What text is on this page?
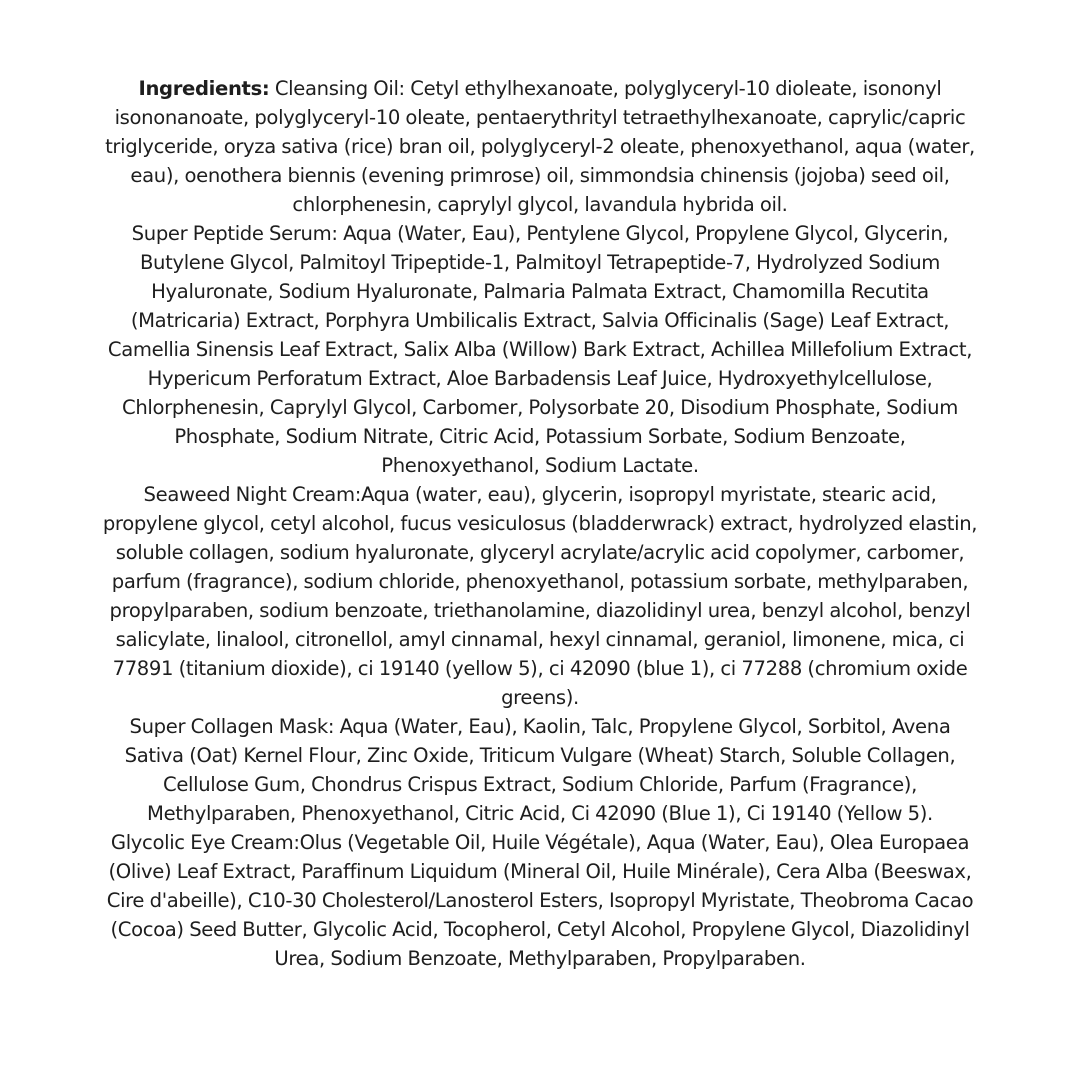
Ingredients: Cleansing Oil: Cetyl ethylhexanoate, polyglyceryl-10 dioleate, isononyl isononanoate, polyglyceryl-10 oleate, pentaerythrityl tetraethylhexanoate, caprylic/capric triglyceride, oryza sativa (rice) bran oil, polyglyceryl-2 oleate, phenoxyethanol, aqua (water, eau), oenothera biennis (evening primrose) oil, simmondsia chinensis (jojoba) seed oil, chlorphenesin, caprylyl glycol, lavandula hybrida oil.

Super Peptide Serum: Aqua (Water, Eau), Pentylene Glycol, Propylene Glycol, Glycerin, Butylene Glycol, Palmitoyl Tripeptide-1, Palmitoyl Tetrapeptide-7, Hydrolyzed Sodium Hyaluronate, Sodium Hyaluronate, Palmaria Palmata Extract, Chamomilla Recutita (Matricaria) Extract, Porphyra Umbilicalis Extract, Salvia Officinalis (Sage) Leaf Extract, Camellia Sinensis Leaf Extract, Salix Alba (Willow) Bark Extract, Achillea Millefolium Extract, Hypericum Perforatum Extract, Aloe Barbadensis Leaf Juice, Hydroxyethylcellulose, Chlorphenesin, Caprylyl Glycol, Carbomer, Polysorbate 20, Disodium Phosphate, Sodium Phosphate, Sodium Nitrate, Citric Acid, Potassium Sorbate, Sodium Benzoate, Phenoxyethanol, Sodium Lactate.

Seaweed Night Cream:Aqua (water, eau), glycerin, isopropyl myristate, stearic acid, propylene glycol, cetyl alcohol, fucus vesiculosus (bladderwrack) extract, hydrolyzed elastin, soluble collagen, sodium hyaluronate, glyceryl acrylate/acrylic acid copolymer, carbomer, parfum (fragrance), sodium chloride, phenoxyethanol, potassium sorbate, methylparaben, propylparaben, sodium benzoate, triethanolamine, diazolidinyl urea, benzyl alcohol, benzyl salicylate, linalool, citronellol, amyl cinnamal, hexyl cinnamal, geraniol, limonene, mica, ci 77891 (titanium dioxide), ci 19140 (yellow 5), ci 42090 (blue 1), ci 77288 (chromium oxide greens).

Super Collagen Mask: Aqua (Water, Eau), Kaolin, Talc, Propylene Glycol, Sorbitol, Avena Sativa (Oat) Kernel Flour, Zinc Oxide, Triticum Vulgare (Wheat) Starch, Soluble Collagen, Cellulose Gum, Chondrus Crispus Extract, Sodium Chloride, Parfum (Fragrance), Methylparaben, Phenoxyethanol, Citric Acid, Ci 42090 (Blue 1), Ci 19140 (Yellow 5).

Glycolic Eye Cream:Olus (Vegetable Oil, Huile Végétale), Aqua (Water, Eau), Olea Europaea (Olive) Leaf Extract, Paraffinum Liquidum (Mineral Oil, Huile Minérale), Cera Alba (Beeswax, Cire d'abeille), C10-30 Cholesterol/Lanosterol Esters, Isopropyl Myristate, Theobroma Cacao (Cocoa) Seed Butter, Glycolic Acid, Tocopherol, Cetyl Alcohol, Propylene Glycol, Diazolidinyl Urea, Sodium Benzoate, Methylparaben, Propylparaben.
